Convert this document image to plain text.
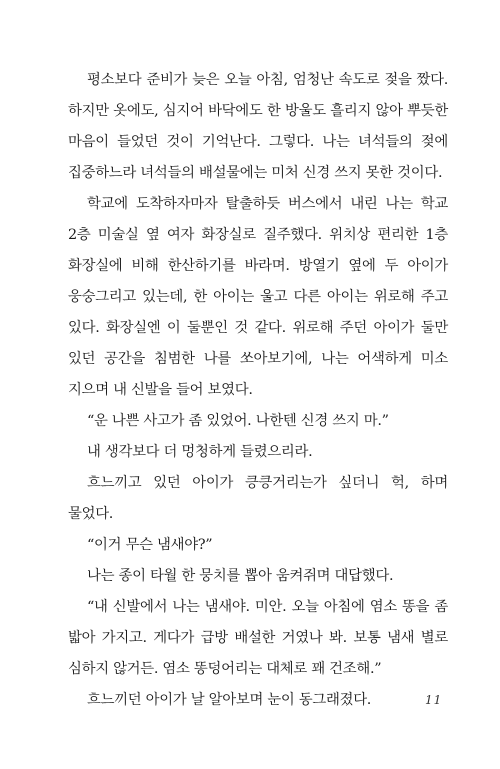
평소보다 준비가 늦은 오늘 아침, 엄청난 속도로 젖을 짰다. 하지만 옷에도, 심지어 바닥에도 한 방울도 흘리지 않아 뿌듯한 마음이 들었던 것이 기억난다. 그렇다. 나는 녀석들의 젖에 집중하느라 녀석들의 배설물에는 미처 신경 쓰지 못한 것이다.

학교에 도착하자마자 탈출하듯 버스에서 내린 나는 학교 2층 미술실 옆 여자 화장실로 질주했다. 위치상 편리한 1층 화장실에 비해 한산하기를 바라며. 방열기 옆에 두 아이가 웅숭그리고 있는데, 한 아이는 울고 다른 아이는 위로해 주고 있다. 화장실엔 이 둘뿐인 것 같다. 위로해 주던 아이가 둘만 있던 공간을 침범한 나를 쏘아보기에, 나는 어색하게 미소 지으며 내 신발을 들어 보였다.

“운 나쁜 사고가 좀 있었어. 나한텐 신경 쓰지 마.”

내 생각보다 더 멍청하게 들렸으리라.

흐느끼고 있던 아이가 킁킁거리는가 싶더니 헉, 하며 물었다.

“이거 무슨 냄새야?”

나는 종이 타월 한 뭉치를 뽑아 움켜쥐며 대답했다.

“내 신발에서 나는 냄새야. 미안. 오늘 아침에 염소 똥을 좀 밟아 가지고. 게다가 급방 배설한 거였나 봐. 보통 냄새 별로 심하지 않거든. 염소 똥덩어리는 대체로 꽤 건조해.”

흐느끼던 아이가 날 알아보며 눈이 동그래졌다.	11
